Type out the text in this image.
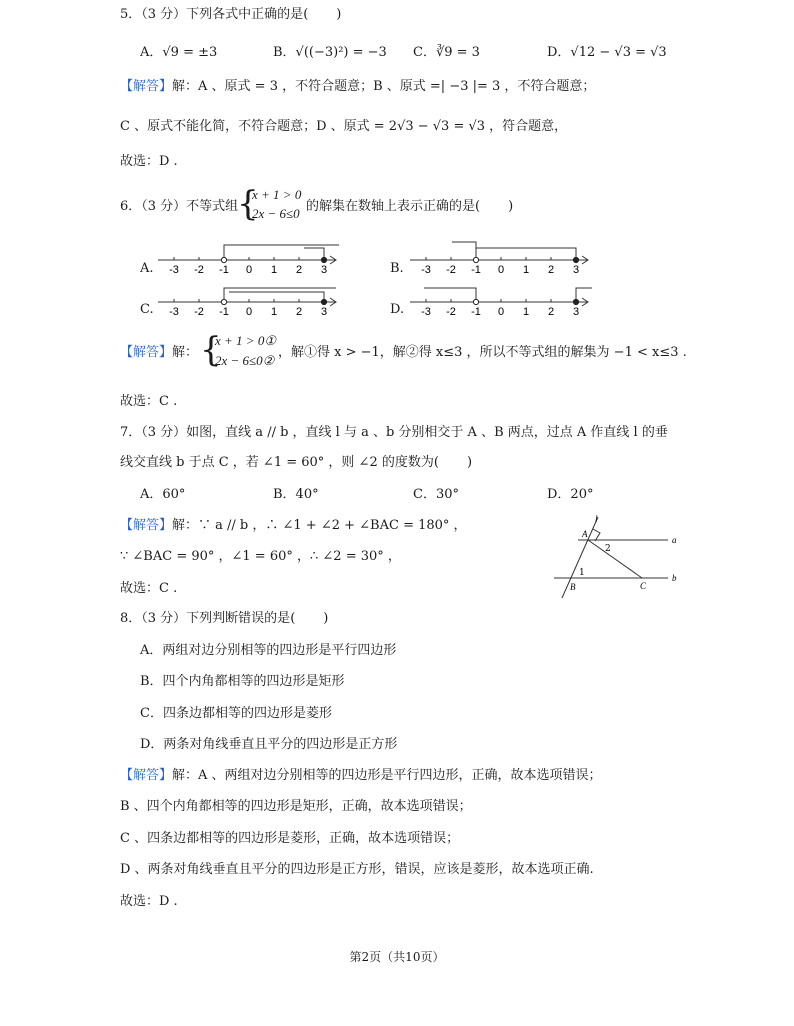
5．（3 分）下列各式中正确的是( )
A．√9 = ±3	B．√((−3)²) = −3 C．∛9 = 3	D．√12 − √3 = √3
【解答】解：A 、原式 = 3 ，不符合题意；B 、原式 =| −3 |= 3 ，不符合题意；
C 、原式不能化简，不符合题意；D 、原式 = 2√3 − √3 = √3 ，符合题意，
故选：D .
6．（3 分）不等式组
{
x + 1 > 0
2x − 6≤0 的解集在数轴上表示正确的是( )
A.	B.
C.	D.
-3 -2 -1 0 1 2 3	-3 -2 -1 0 1 2 3
-3 -2 -1 0 1 2 3	-3 -2 -1 0 1 2 3
【解答】解： {
x + 1 > 0①
2x − 6≤0②
，解①得 x > −1，解②得 x≤3 ，所以不等式组的解集为 −1 < x≤3 .
故选：C .
7．（3 分）如图，直线 a // b ，直线 l 与 a 、b 分别相交于 A 、B 两点，过点 A 作直线 l 的垂
线交直线 b 于点 C ，若 ∠1 = 60° ，则 ∠2 的度数为( )
A．60°	B．40°	C．30°	D．20°
【解答】解：∵ a // b ，∴ ∠1 + ∠2 + ∠BAC = 180° ，
∵ ∠BAC = 90° ，∠1 = 60° ，∴ ∠2 = 30° ，
故选：C .
l
a
b
A
B	C
1
2
8．（3 分）下列判断错误的是( )
A．两组对边分别相等的四边形是平行四边形
B．四个内角都相等的四边形是矩形
C．四条边都相等的四边形是菱形
D．两条对角线垂直且平分的四边形是正方形
【解答】解：A 、两组对边分别相等的四边形是平行四边形，正确，故本选项错误；
B 、四个内角都相等的四边形是矩形，正确，故本选项错误；
C 、四条边都相等的四边形是菱形，正确，故本选项错误；
D 、两条对角线垂直且平分的四边形是正方形，错误，应该是菱形，故本选项正确.
故选：D .
第2页（共10页）
